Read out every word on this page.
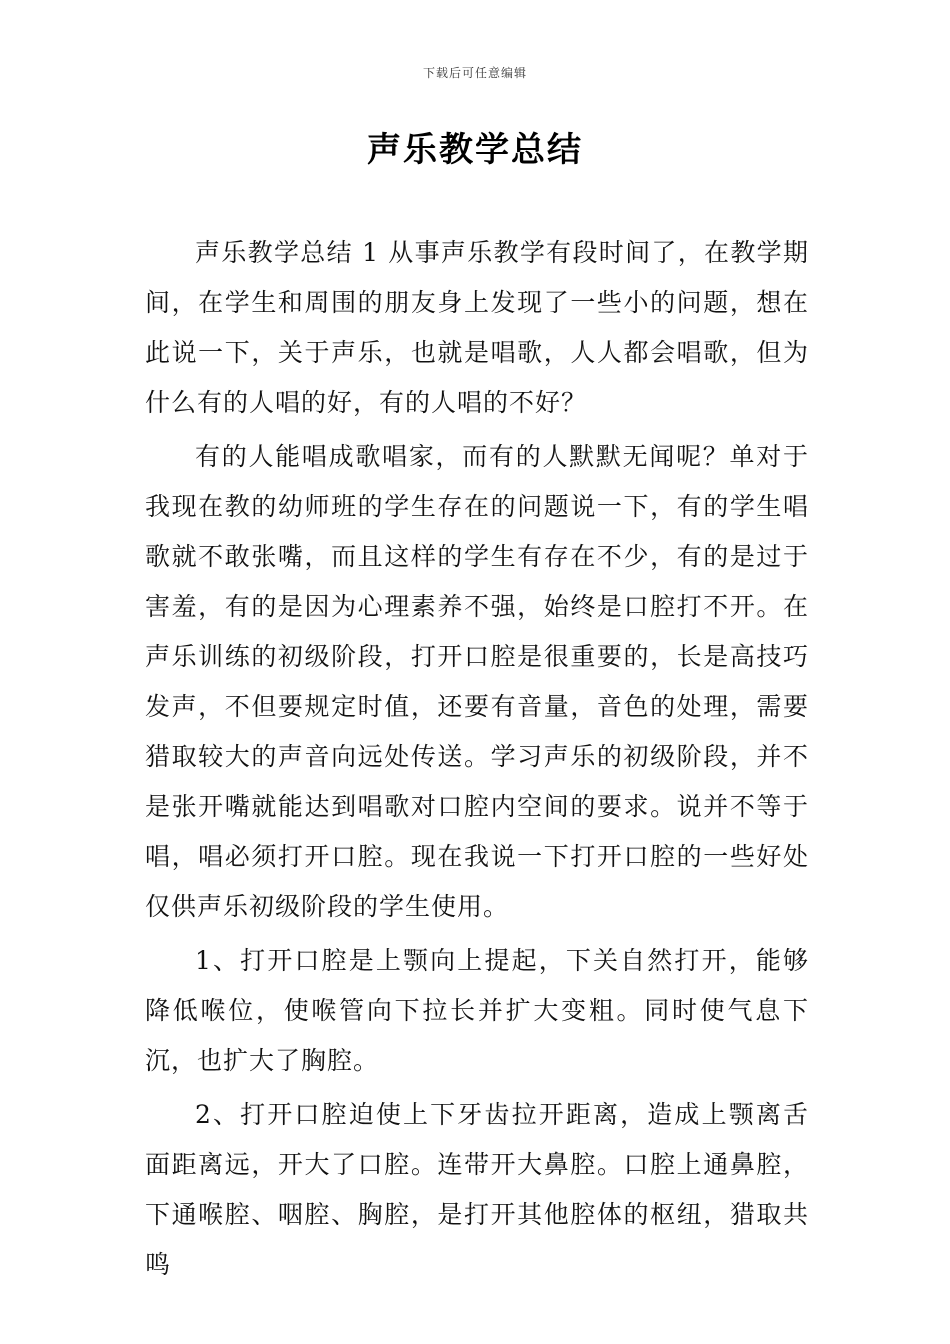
下载后可任意编辑
声乐教学总结

声乐教学总结 1 从事声乐教学有段时间了，在教学期间，在学生和周围的朋友身上发现了一些小的问题，想在此说一下，关于声乐，也就是唱歌，人人都会唱歌，但为什么有的人唱的好，有的人唱的不好？

有的人能唱成歌唱家，而有的人默默无闻呢？单对于我现在教的幼师班的学生存在的问题说一下，有的学生唱歌就不敢张嘴，而且这样的学生有存在不少，有的是过于害羞，有的是因为心理素养不强，始终是口腔打不开。在声乐训练的初级阶段，打开口腔是很重要的，长是高技巧发声，不但要规定时值，还要有音量，音色的处理，需要猎取较大的声音向远处传送。学习声乐的初级阶段，并不是张开嘴就能达到唱歌对口腔内空间的要求。说并不等于唱，唱必须打开口腔。现在我说一下打开口腔的一些好处仅供声乐初级阶段的学生使用。

1、打开口腔是上颚向上提起，下关自然打开，能够降低喉位，使喉管向下拉长并扩大变粗。同时使气息下沉，也扩大了胸腔。

2、打开口腔迫使上下牙齿拉开距离，造成上颚离舌面距离远，开大了口腔。连带开大鼻腔。口腔上通鼻腔，下通喉腔、咽腔、胸腔，是打开其他腔体的枢纽，猎取共鸣
